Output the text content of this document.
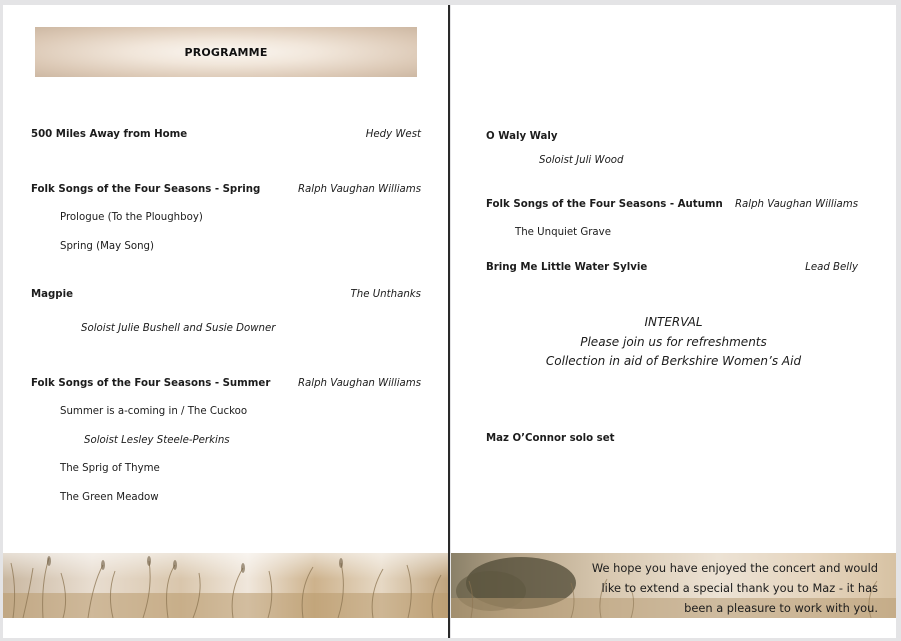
PROGRAMME
500 Miles Away from Home	Hedy West
Folk Songs of the Four Seasons - Spring	Ralph Vaughan Williams
Prologue (To the Ploughboy)
Spring (May Song)
Magpie	The Unthanks
Soloist Julie Bushell and Susie Downer
Folk Songs of the Four Seasons - Summer	Ralph Vaughan Williams
Summer is a-coming in / The Cuckoo
Soloist Lesley Steele-Perkins
The Sprig of Thyme
The Green Meadow
O Waly Waly
Soloist Juli Wood
Folk Songs of the Four Seasons - Autumn Ralph Vaughan Williams
The Unquiet Grave
Bring Me Little Water Sylvie	Lead Belly
INTERVAL
Please join us for refreshments
Collection in aid of Berkshire Women’s Aid
Maz O’Connor solo set
We hope you have enjoyed the concert and would
like to extend a special thank you to Maz - it has
been a pleasure to work with you.
